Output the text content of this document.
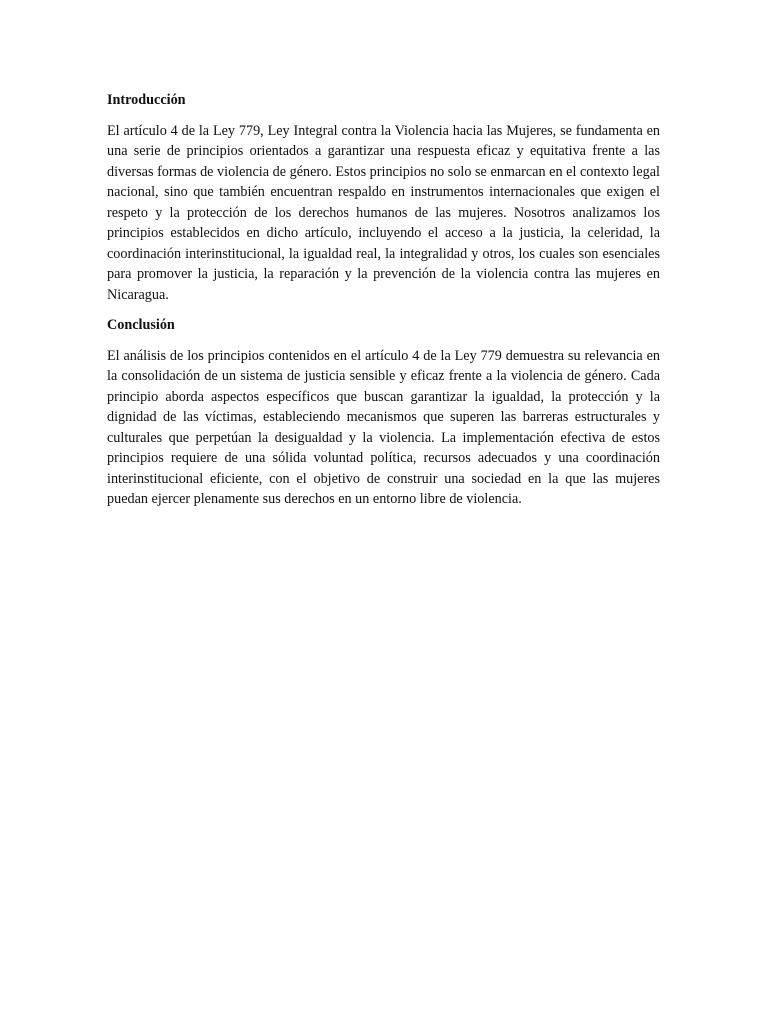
Introducción

El artículo 4 de la Ley 779, Ley Integral contra la Violencia hacia las Mujeres, se fundamenta en una serie de principios orientados a garantizar una respuesta eficaz y equitativa frente a las diversas formas de violencia de género. Estos principios no solo se enmarcan en el contexto legal nacional, sino que también encuentran respaldo en instrumentos internacionales que exigen el respeto y la protección de los derechos humanos de las mujeres. Nosotros analizamos los principios establecidos en dicho artículo, incluyendo el acceso a la justicia, la celeridad, la coordinación interinstitucional, la igualdad real, la integralidad y otros, los cuales son esenciales para promover la justicia, la reparación y la prevención de la violencia contra las mujeres en Nicaragua.

Conclusión

El análisis de los principios contenidos en el artículo 4 de la Ley 779 demuestra su relevancia en la consolidación de un sistema de justicia sensible y eficaz frente a la violencia de género. Cada principio aborda aspectos específicos que buscan garantizar la igualdad, la protección y la dignidad de las víctimas, estableciendo mecanismos que superen las barreras estructurales y culturales que perpetúan la desigualdad y la violencia. La implementación efectiva de estos principios requiere de una sólida voluntad política, recursos adecuados y una coordinación interinstitucional eficiente, con el objetivo de construir una sociedad en la que las mujeres puedan ejercer plenamente sus derechos en un entorno libre de violencia.
